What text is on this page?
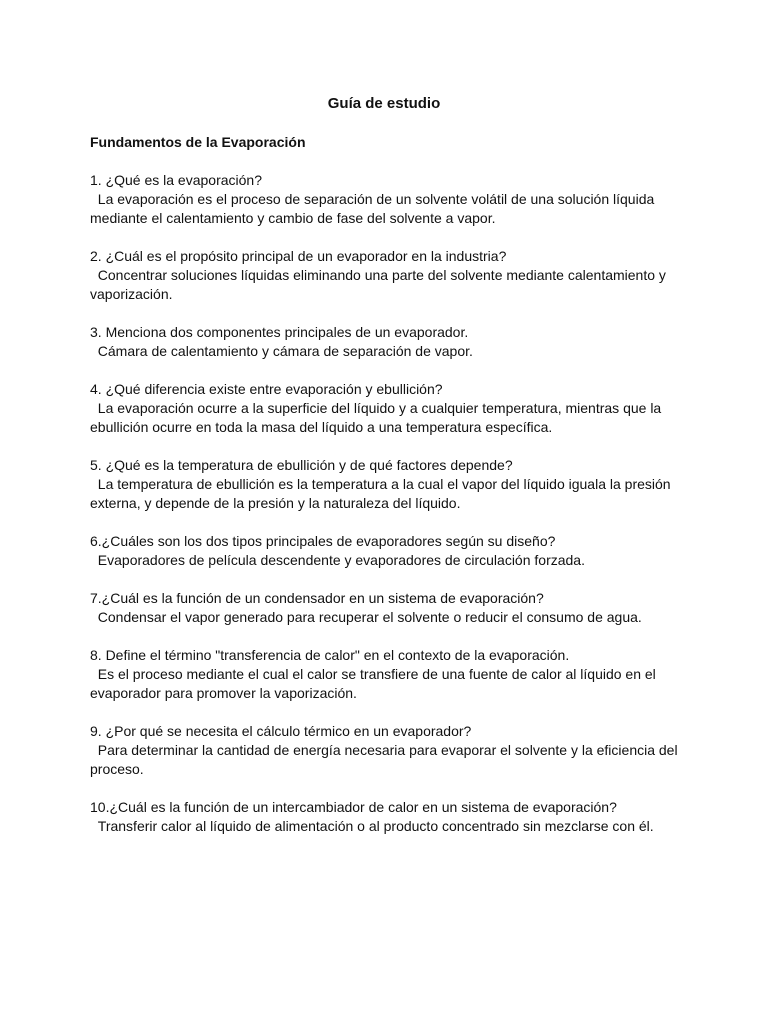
Guía de estudio

Fundamentos de la Evaporación

1. ¿Qué es la evaporación?

La evaporación es el proceso de separación de un solvente volátil de una solución líquida mediante el calentamiento y cambio de fase del solvente a vapor.

2. ¿Cuál es el propósito principal de un evaporador en la industria?

Concentrar soluciones líquidas eliminando una parte del solvente mediante calentamiento y vaporización.

3. Menciona dos componentes principales de un evaporador.

Cámara de calentamiento y cámara de separación de vapor.

4. ¿Qué diferencia existe entre evaporación y ebullición?

La evaporación ocurre a la superficie del líquido y a cualquier temperatura, mientras que la ebullición ocurre en toda la masa del líquido a una temperatura específica.

5. ¿Qué es la temperatura de ebullición y de qué factores depende?

La temperatura de ebullición es la temperatura a la cual el vapor del líquido iguala la presión externa, y depende de la presión y la naturaleza del líquido.

6.¿Cuáles son los dos tipos principales de evaporadores según su diseño?

Evaporadores de película descendente y evaporadores de circulación forzada.

7.¿Cuál es la función de un condensador en un sistema de evaporación?

Condensar el vapor generado para recuperar el solvente o reducir el consumo de agua.

8. Define el término "transferencia de calor" en el contexto de la evaporación.

Es el proceso mediante el cual el calor se transfiere de una fuente de calor al líquido en el evaporador para promover la vaporización.

9. ¿Por qué se necesita el cálculo térmico en un evaporador?

Para determinar la cantidad de energía necesaria para evaporar el solvente y la eficiencia del proceso.

10.¿Cuál es la función de un intercambiador de calor en un sistema de evaporación?

Transferir calor al líquido de alimentación o al producto concentrado sin mezclarse con él.
